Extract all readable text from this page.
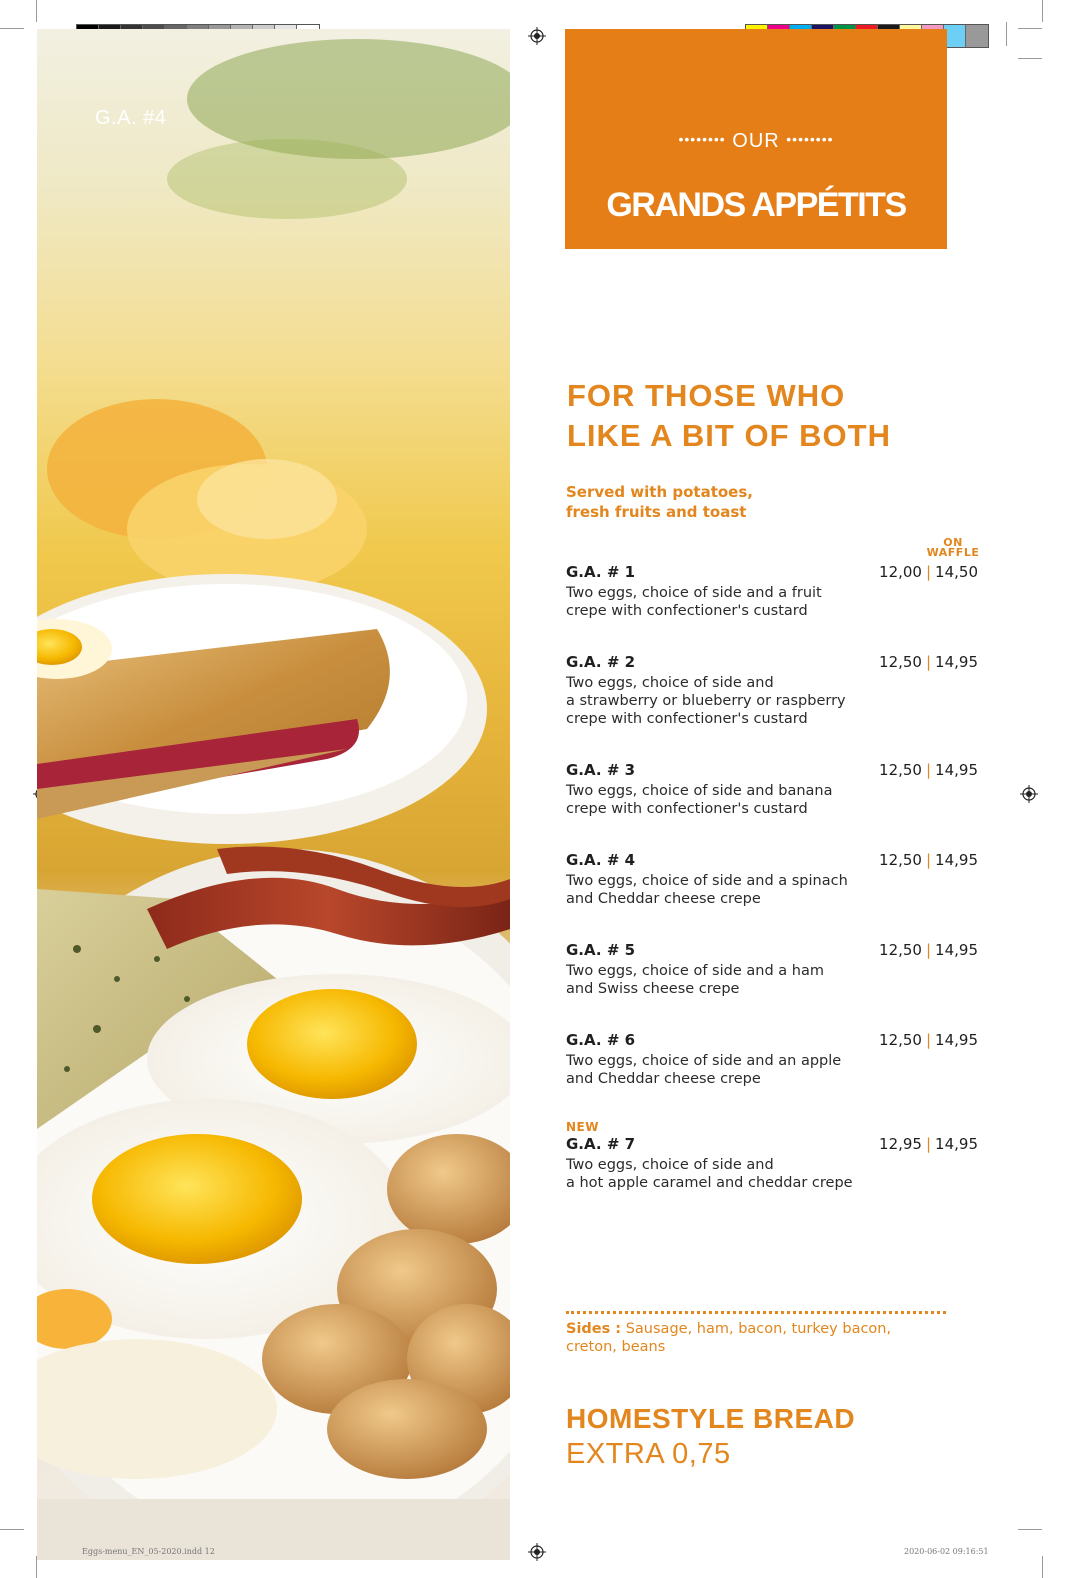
G.A. #4
•••••••• OUR ••••••••
GRANDS APPÉTITS
FOR THOSE WHO
LIKE A BIT OF BOTH
Served with potatoes,
fresh fruits and toast
ON
WAFFLE
12,00 | 14,50
G.A. # 1
Two eggs, choice of side and a fruit
crepe with confectioner's custard
12,50 | 14,95
G.A. # 2
Two eggs, choice of side and
a strawberry or blueberry or raspberry
crepe with confectioner's custard
12,50 | 14,95
G.A. # 3
Two eggs, choice of side and banana
crepe with confectioner's custard
12,50 | 14,95
G.A. # 4
Two eggs, choice of side and a spinach
and Cheddar cheese crepe
12,50 | 14,95
G.A. # 5
Two eggs, choice of side and a ham
and Swiss cheese crepe
12,50 | 14,95
G.A. # 6
Two eggs, choice of side and an apple
and Cheddar cheese crepe
NEW
12,95 | 14,95
G.A. # 7
Two eggs, choice of side and
a hot apple caramel and cheddar crepe
Sides : Sausage, ham, bacon, turkey bacon,
creton, beans
HOMESTYLE BREAD
EXTRA 0,75
Eggs-menu_EN_05-2020.indd 12	2020-06-02 09:16:51
